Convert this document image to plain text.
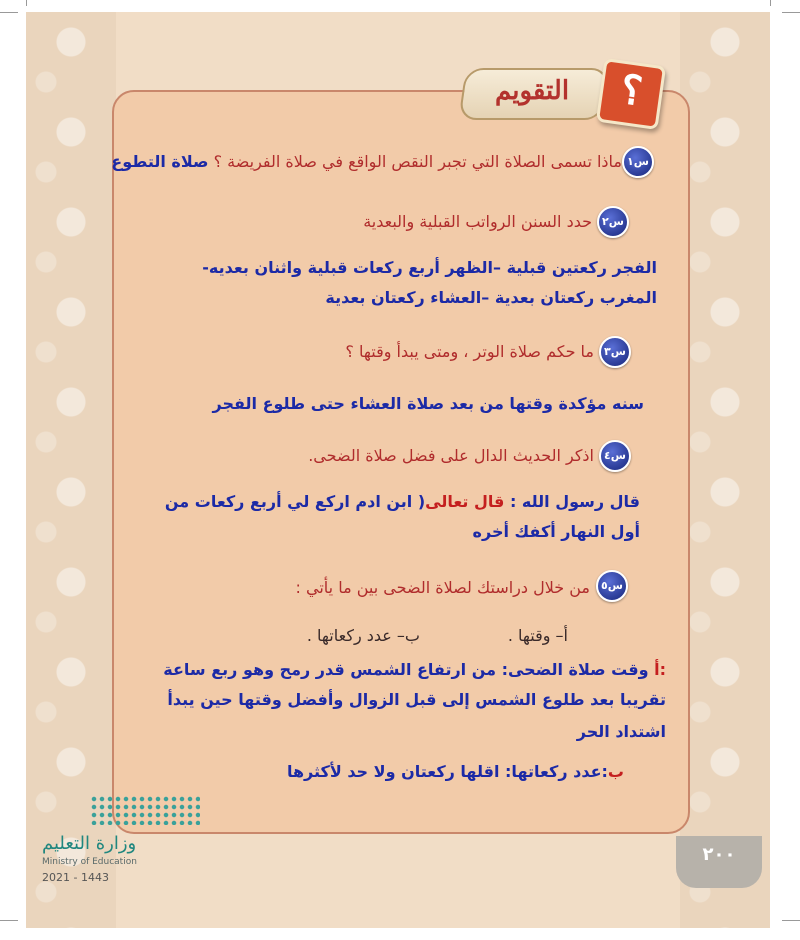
التقويم	؟
س١
ماذا تسمى الصلاة التي تجبر النقص الواقع في صلاة الفريضة ؟ صلاة التطوع
س٢
حدد السنن الرواتب القبلية والبعدية
الفجر ركعتين قبلية –الظهر أربع ركعات قبلية واثنان بعديه-
المغرب ركعتان بعدية –العشاء ركعتان بعدية
س٣
ما حكم صلاة الوتر ، ومتى يبدأ وقتها ؟
سنه مؤكدة وقتها من بعد صلاة العشاء حتى طلوع الفجر
س٤
اذكر الحديث الدال على فضل صلاة الضحى.
قال رسول الله : قال تعالى( ابن ادم اركع لي أربع ركعات من
أول النهار أكفك أخره
س٥
من خلال دراستك لصلاة الضحى بين ما يأتي :
أ– وقتها .
ب– عدد ركعاتها .
:أ وقت صلاة الضحى: من ارتفاع الشمس قدر رمح وهو ربع ساعة
تقريبا بعد طلوع الشمس إلى قبل الزوال وأفضل وقتها حين يبدأ
اشتداد الحر
ب:عدد ركعاتها: اقلها ركعتان ولا حد لأكثرها
وزارة التعليم
Ministry of Education
2021 - 1443
٢٠٠
